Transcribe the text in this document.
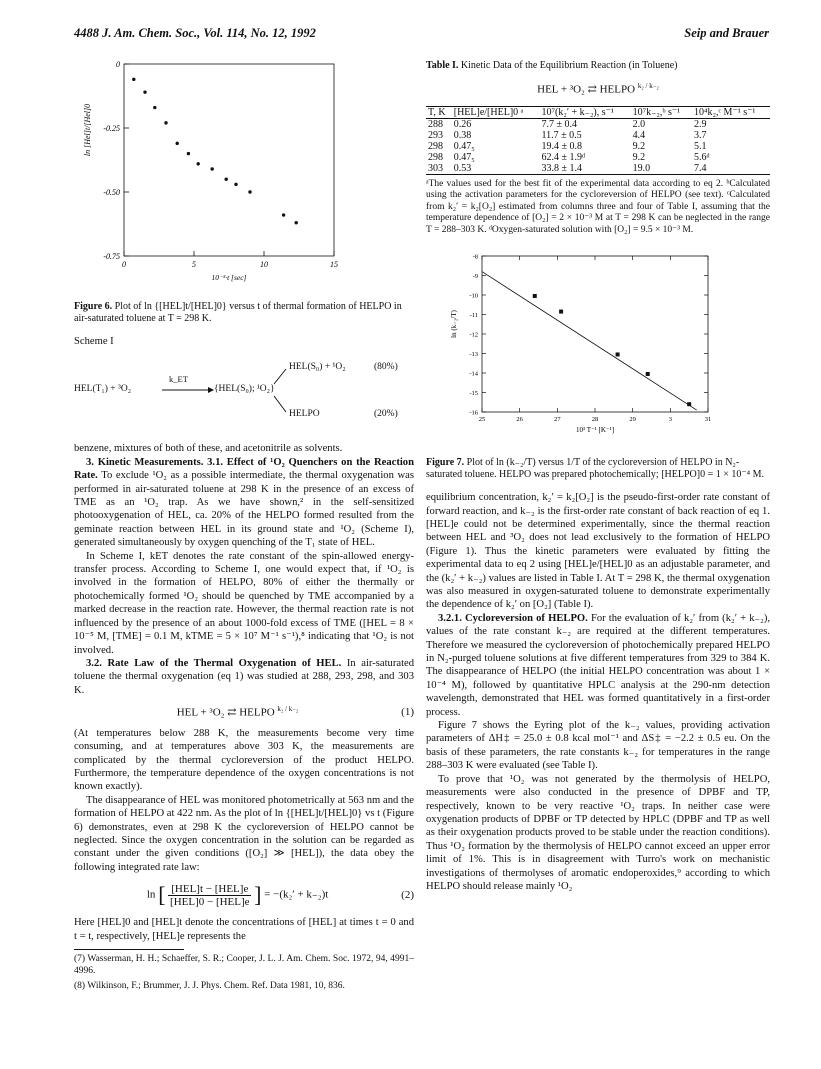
4488 J. Am. Chem. Soc., Vol. 114, No. 12, 1992	Seip and Brauer
0
-0.25
-0.50
-0.75
0	5	10	15
10⁻³·t [sec]
ln [Hel]t/[Hel]0

Figure 6. Plot of ln {[HEL]t/[HEL]0} versus t of thermal formation of HELPO in air-saturated toluene at T = 298 K.

Scheme I

HEL(T₁) + ³O₂
k_ET
{HEL(S₀); ¹O₂}
HEL(S₀) + ¹O₂	(80%)
HELPO	(20%)

benzene, mixtures of both of these, and acetonitrile as solvents.

3. Kinetic Measurements. 3.1. Effect of ¹O₂ Quenchers on the Reaction Rate. To exclude ¹O₂ as a possible intermediate, the thermal oxygenation was performed in air-saturated toluene at 298 K in the presence of an excess of TME as an ¹O₂ trap. As we have shown,² in the self-sensitized photooxygenation of HEL, ca. 20% of the HELPO formed resulted from the geminate reaction between HEL in its ground state and ¹O₂ (Scheme I), generated simultaneously by oxygen quenching of the T₁ state of HEL.

In Scheme I, kET denotes the rate constant of the spin-allowed energy-transfer process. According to Scheme I, one would expect that, if ¹O₂ is involved in the formation of HELPO, 80% of either the thermally or photochemically formed ¹O₂ should be quenched by TME accompanied by a marked decrease in the reaction rate. However, the thermal reaction rate is not influenced by the presence of an about 1000-fold excess of TME ([HEL = 8 × 10⁻⁵ M, [TME] = 0.1 M, kTME = 5 × 10⁷ M⁻¹ s⁻¹),⁸ indicating that ¹O₂ is not involved.

3.2. Rate Law of the Thermal Oxygenation of HEL. In air-saturated toluene the thermal oxygenation (eq 1) was studied at 288, 293, 298, and 303 K.

HEL + ³O₂ ⇄ HELPO $^{k_2 / k_{-2}}$	(1)

(At temperatures below 288 K, the measurements become very time consuming, and at temperatures above 303 K, the measurements are complicated by the thermal cycloreversion of the product HELPO. Furthermore, the temperature dependence of the oxygen concentrations is not known exactly).

The disappearance of HEL was monitored photometrically at 563 nm and the formation of HELPO at 422 nm. As the plot of ln {[HEL]t/[HEL]0} vs t (Figure 6) demonstrates, even at 298 K the cycloreversion of HELPO cannot be neglected. Since the oxygen concentration in the solution can be regarded as constant under the given conditions ([O₂] ≫ [HEL]), the data obey the following integrated rate law:

ln [ $\frac{\text{[HEL]t − [HEL]e}}{\text{[HEL]0 − [HEL]e}}$ ] = −(k₂′ + k₋₂)t	(2)

Here [HEL]0 and [HEL]t denote the concentrations of [HEL] at times t = 0 and t = t, respectively, [HEL]e represents the

(7) Wasserman, H. H.; Schaeffer, S. R.; Cooper, J. L. J. Am. Chem. Soc. 1972, 94, 4991–4996.

(8) Wilkinson, F.; Brummer, J. J. Phys. Chem. Ref. Data 1981, 10, 836.

Table I. Kinetic Data of the Equilibrium Reaction (in Toluene)

HEL + ³O₂ ⇄ HELPO $^{k_2 / k_{-2}}$
T, K	[HEL]e/[HEL]0 ᵃ	10⁷(k₂′ + k₋₂), s⁻¹	10⁷k₋₂,ᵇ s⁻¹	10⁴k₂,ᶜ M⁻¹ s⁻¹
288	0.26	7.7 ± 0.4	2.0	2.9
293	0.38	11.7 ± 0.5	4.4	3.7
298	0.47₅	19.4 ± 0.8	9.2	5.1
298	0.47₅	62.4 ± 1.9ᵈ	9.2	5.6ᵈ
303	0.53	33.8 ± 1.4	19.0	7.4

ᵃThe values used for the best fit of the experimental data according to eq 2. ᵇCalculated using the activation parameters for the cycloreversion of HELPO (see text). ᶜCalculated from k₂′ = k₂[O₂] estimated from columns three and four of Table I, assuming that the temperature dependence of [O₂] = 2 × 10⁻³ M at T = 298 K can be neglected in the range T = 288–303 K. ᵈOxygen-saturated solution with [O₂] = 9.5 × 10⁻³ M.

-8
-9
-10
-11
-12
-13
-14
-15
-16
25	26	27	28	29	3	31
10³ T⁻¹ [K⁻¹]
ln (k₋₂/T)

Figure 7. Plot of ln (k₋₂/T) versus 1/T of the cycloreversion of HELPO in N₂-saturated toluene. HELPO was prepared photochemically; [HELPO]0 = 1 × 10⁻⁴ M.

equilibrium concentration, k₂′ = k₂[O₂] is the pseudo-first-order rate constant of forward reaction, and k₋₂ is the first-order rate constant of back reaction of eq 1. [HEL]e could not be determined experimentally, since the thermal reaction between HEL and ³O₂ does not lead exclusively to the formation of HELPO (Figure 1). Thus the kinetic parameters were evaluated by fitting the experimental data to eq 2 using [HEL]e/[HEL]0 as an adjustable parameter, and the (k₂′ + k₋₂) values are listed in Table I. At T = 298 K, the thermal oxygenation was also measured in oxygen-saturated toluene to demonstrate experimentally the dependence of k₂′ on [O₂] (Table I).

3.2.1. Cycloreversion of HELPO. For the evaluation of k₂′ from (k₂′ + k₋₂), values of the rate constant k₋₂ are required at the different temperatures. Therefore we measured the cycloreversion of photochemically prepared HELPO in N₂-purged toluene solutions at five different temperatures from 329 to 384 K. The disappearance of HELPO (the initial HELPO concentration was about 1 × 10⁻⁴ M), followed by quantitative HPLC analysis at the 290-nm detection wavelength, demonstrated that HEL was formed quantitatively in a first-order process.

Figure 7 shows the Eyring plot of the k₋₂ values, providing activation parameters of ΔH‡ = 25.0 ± 0.8 kcal mol⁻¹ and ΔS‡ = −2.2 ± 0.5 eu. On the basis of these parameters, the rate constants k₋₂ for temperatures in the range 288–303 K were evaluated (see Table I).

To prove that ¹O₂ was not generated by the thermolysis of HELPO, measurements were also conducted in the presence of DPBF and TP, respectively, known to be very reactive ¹O₂ traps. In neither case were oxygenation products of DPBF or TP detected by HPLC (DPBF and TP as well as their oxygenation products proved to be stable under the reaction conditions). Thus ¹O₂ formation by the thermolysis of HELPO cannot exceed an upper error limit of 1%. This is in disagreement with Turro's work on mechanistic investigations of thermolyses of aromatic endoperoxides,⁹ according to which HELPO should release mainly ¹O₂
